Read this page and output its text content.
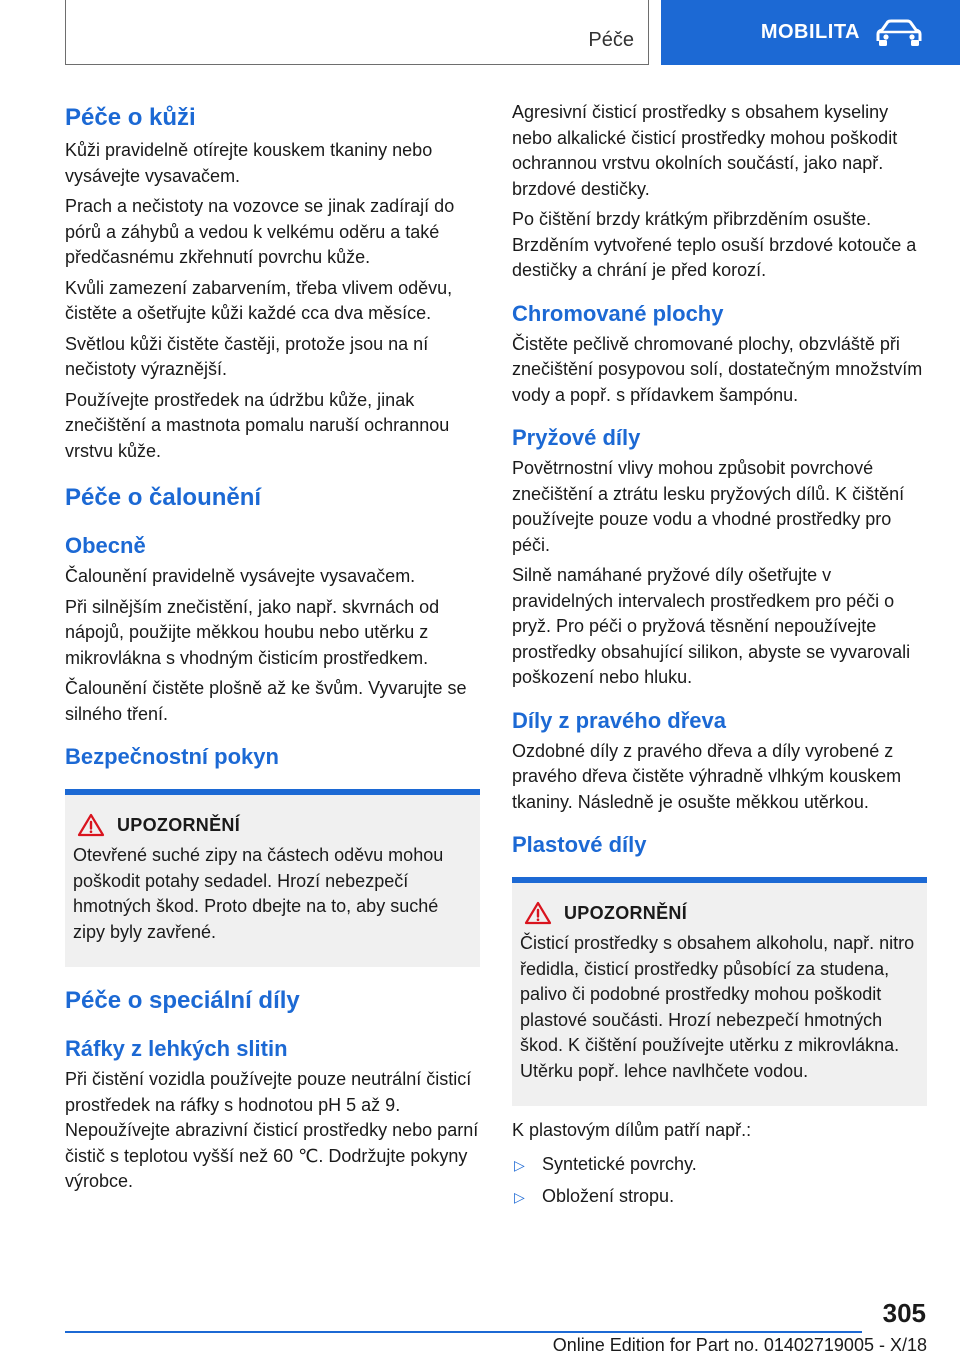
Péče	MOBILITA
Péče o kůži

Kůži pravidelně otírejte kouskem tkaniny nebo vysávejte vysavačem.

Prach a nečistoty na vozovce se jinak zadírají do pórů a záhybů a vedou k velkému oděru a také předčasnému zkřehnutí povrchu kůže.

Kvůli zamezení zabarvením, třeba vlivem oděvu, čistěte a ošetřujte kůži každé cca dva měsíce.

Světlou kůži čistěte častěji, protože jsou na ní nečistoty výraznější.

Používejte prostředek na údržbu kůže, jinak znečištění a mastnota pomalu naruší ochrannou vrstvu kůže.

Péče o čalounění
Obecně

Čalounění pravidelně vysávejte vysavačem.

Při silnějším znečistění, jako např. skvrnách od nápojů, použijte měkkou houbu nebo utěrku z mikrovlákna s vhodným čisticím prostředkem.

Čalounění čistěte plošně až ke švům. Vyvarujte se silného tření.

Bezpečnostní pokyn
UPOZORNĚNÍ

Otevřené suché zipy na částech oděvu mohou poškodit potahy sedadel. Hrozí nebezpečí hmotných škod. Proto dbejte na to, aby suché zipy byly zavřené.

Péče o speciální díly
Ráfky z lehkých slitin

Při čistění vozidla používejte pouze neutrální čisticí prostředek na ráfky s hodnotou pH 5 až 9. Nepoužívejte abrazivní čisticí prostředky nebo parní čistič s teplotou vyšší než 60 ℃. Dodržujte pokyny výrobce.

Agresivní čisticí prostředky s obsahem kyseliny nebo alkalické čisticí prostředky mohou poškodit ochrannou vrstvu okolních součástí, jako např. brzdové destičky.

Po čištění brzdy krátkým přibrzděním osušte. Brzděním vytvořené teplo osuší brzdové kotouče a destičky a chrání je před korozí.

Chromované plochy

Čistěte pečlivě chromované plochy, obzvláště při znečištění posypovou solí, dostatečným množstvím vody a popř. s přídavkem šampónu.

Pryžové díly

Povětrnostní vlivy mohou způsobit povrchové znečištění a ztrátu lesku pryžových dílů. K čištění používejte pouze vodu a vhodné prostředky pro péči.

Silně namáhané pryžové díly ošetřujte v pravidelných intervalech prostředkem pro péči o pryž. Pro péči o pryžová těsnění nepoužívejte prostředky obsahující silikon, abyste se vyvarovali poškození nebo hluku.

Díly z pravého dřeva

Ozdobné díly z pravého dřeva a díly vyrobené z pravého dřeva čistěte výhradně vlhkým kouskem tkaniny. Následně je osušte měkkou utěrkou.

Plastové díly
UPOZORNĚNÍ

Čisticí prostředky s obsahem alkoholu, např. nitro ředidla, čisticí prostředky působící za studena, palivo či podobné prostředky mohou poškodit plastové součásti. Hrozí nebezpečí hmotných škod. K čištění používejte utěrku z mikrovlákna. Utěrku popř. lehce navlhčete vodou.

K plastovým dílům patří např.:

▷ Syntetické povrchy.
▷ Obložení stropu.
305
Online Edition for Part no. 01402719005 - X/18
